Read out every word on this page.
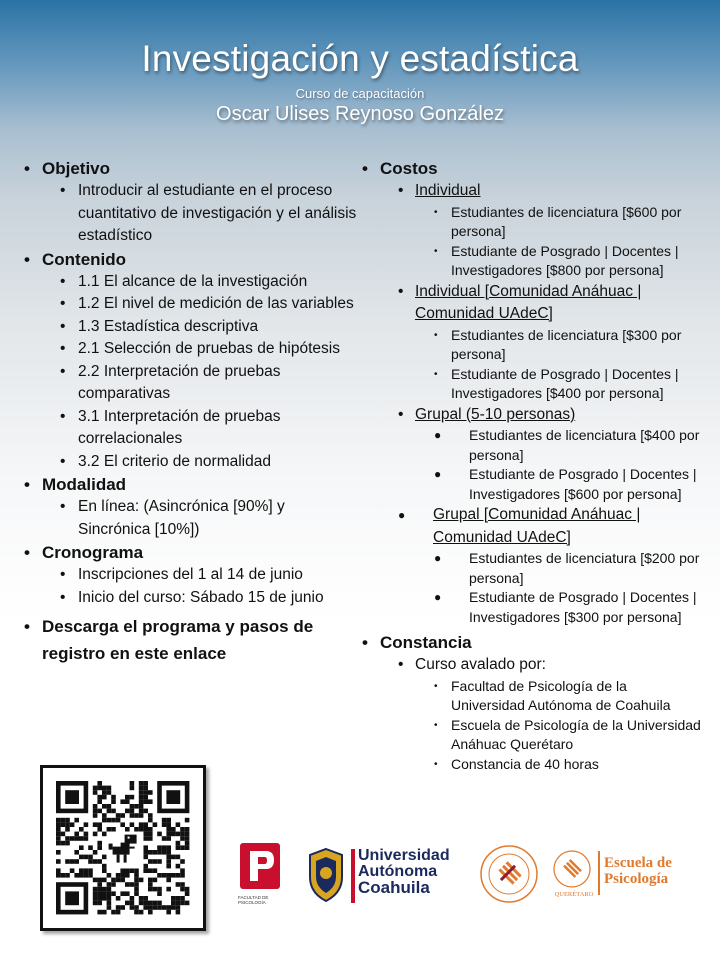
Investigación y estadística
Curso de capacitación
Oscar Ulises Reynoso González
• Objetivo
• Introducir al estudiante en el proceso cuantitativo de investigación y el análisis estadístico
• Contenido
• 1.1 El alcance de la investigación
• 1.2 El nivel de medición de las variables
• 1.3 Estadística descriptiva
• 2.1 Selección de pruebas de hipótesis
• 2.2 Interpretación de pruebas comparativas
• 3.1 Interpretación de pruebas correlacionales
• 3.2 El criterio de normalidad
• Modalidad
• En línea: (Asincrónica [90%] y Sincrónica [10%])
• Cronograma
• Inscripciones del 1 al 14 de junio
• Inicio del curso: Sábado 15 de junio
• Descarga el programa y pasos de registro en este enlace
• Costos
• Individual
• Estudiantes de licenciatura [$600 por persona]
• Estudiante de Posgrado | Docentes | Investigadores [$800 por persona]
• Individual [Comunidad Anáhuac | Comunidad UAdeC]
• Estudiantes de licenciatura [$300 por persona]
• Estudiante de Posgrado | Docentes | Investigadores [$400 por persona]
• Grupal (5-10 personas)
● Estudiantes de licenciatura [$400 por persona]
● Estudiante de Posgrado | Docentes | Investigadores [$600 por persona]
● Grupal [Comunidad Anáhuac | Comunidad UAdeC]
● Estudiantes de licenciatura [$200 por persona]
● Estudiante de Posgrado | Docentes | Investigadores [$300 por persona]
• Constancia
• Curso avalado por:
• Facultad de Psicología de la Universidad Autónoma de Coahuila
• Escuela de Psicología de la Universidad Anáhuac Querétaro
• Constancia de 40 horas
FACULTAD DE PSICOLOGÍA
Universidad
Autónoma
Coahuila	QUERÉTARO
Escuela de
Psicología
